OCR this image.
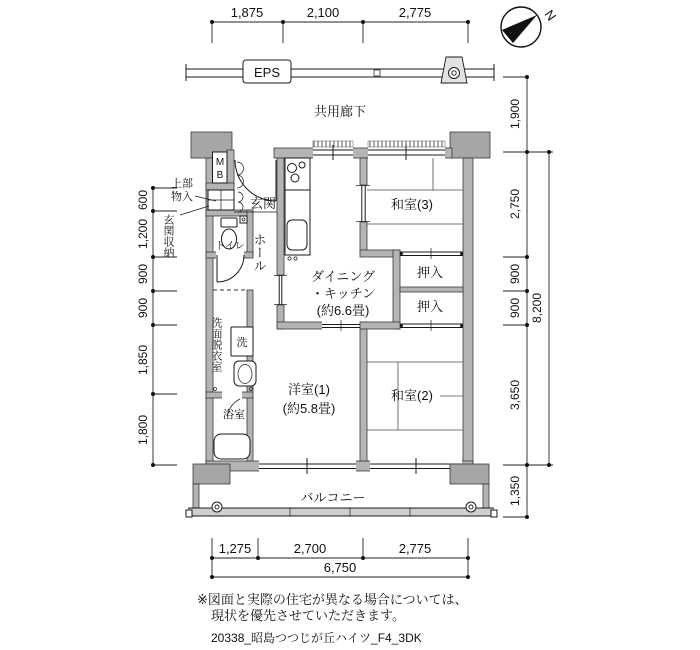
1,875	2,100	2,775	N
EPS
共用廊下
バルコニー
M
B
上部
物入
玄関収納
玄関
トイレ ホール
ダイニング
・キッチン
(約6.6畳)
和室(3)
押入
押入
洗面脱衣室 洗
浴室
洋室(1)
(約5.8畳)
和室(2)
600
1,200
900
900
1,850
1,800
1,900
2,750
900
900
3,650
1,350
8,200
1,275	2,700	2,775
6,750
※図面と実際の住宅が異なる場合については、
現状を優先させていただきます。
20338_昭島つつじが丘ハイツ_F4_3DK
